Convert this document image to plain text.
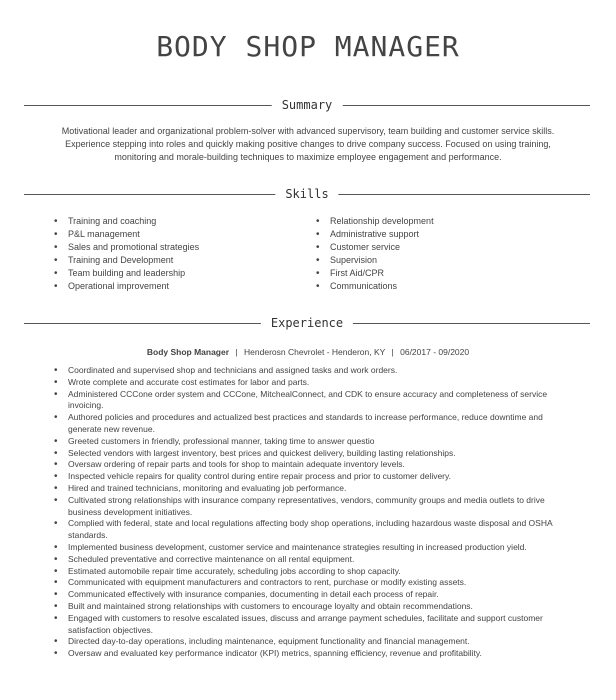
BODY SHOP MANAGER
Summary
Motivational leader and organizational problem-solver with advanced supervisory, team building and customer service skills.
Experience stepping into roles and quickly making positive changes to drive company success. Focused on using training,
monitoring and morale-building techniques to maximize employee engagement and performance.
Skills
• Training and coaching
• P&L management
• Sales and promotional strategies
• Training and Development
• Team building and leadership
• Operational improvement
• Relationship development
• Administrative support
• Customer service
• Supervision
• First Aid/CPR
• Communications
Experience
Body Shop Manager | Henderosn Chevrolet - Henderon, KY | 06/2017 - 09/2020
• Coordinated and supervised shop and technicians and assigned tasks and work orders.
• Wrote complete and accurate cost estimates for labor and parts.
• Administered CCCone order system and CCCone, MitchealConnect, and CDK to ensure accuracy and completeness of service invoicing.
• Authored policies and procedures and actualized best practices and standards to increase performance, reduce downtime and generate new revenue.
• Greeted customers in friendly, professional manner, taking time to answer questio
• Selected vendors with largest inventory, best prices and quickest delivery, building lasting relationships.
• Oversaw ordering of repair parts and tools for shop to maintain adequate inventory levels.
• Inspected vehicle repairs for quality control during entire repair process and prior to customer delivery.
• Hired and trained technicians, monitoring and evaluating job performance.
• Cultivated strong relationships with insurance company representatives, vendors, community groups and media outlets to drive business development initiatives.
• Complied with federal, state and local regulations affecting body shop operations, including hazardous waste disposal and OSHA standards.
• Implemented business development, customer service and maintenance strategies resulting in increased production yield.
• Scheduled preventative and corrective maintenance on all rental equipment.
• Estimated automobile repair time accurately, scheduling jobs according to shop capacity.
• Communicated with equipment manufacturers and contractors to rent, purchase or modify existing assets.
• Communicated effectively with insurance companies, documenting in detail each process of repair.
• Built and maintained strong relationships with customers to encourage loyalty and obtain recommendations.
• Engaged with customers to resolve escalated issues, discuss and arrange payment schedules, facilitate and support customer satisfaction objectives.
• Directed day-to-day operations, including maintenance, equipment functionality and financial management.
• Oversaw and evaluated key performance indicator (KPI) metrics, spanning efficiency, revenue and profitability.
